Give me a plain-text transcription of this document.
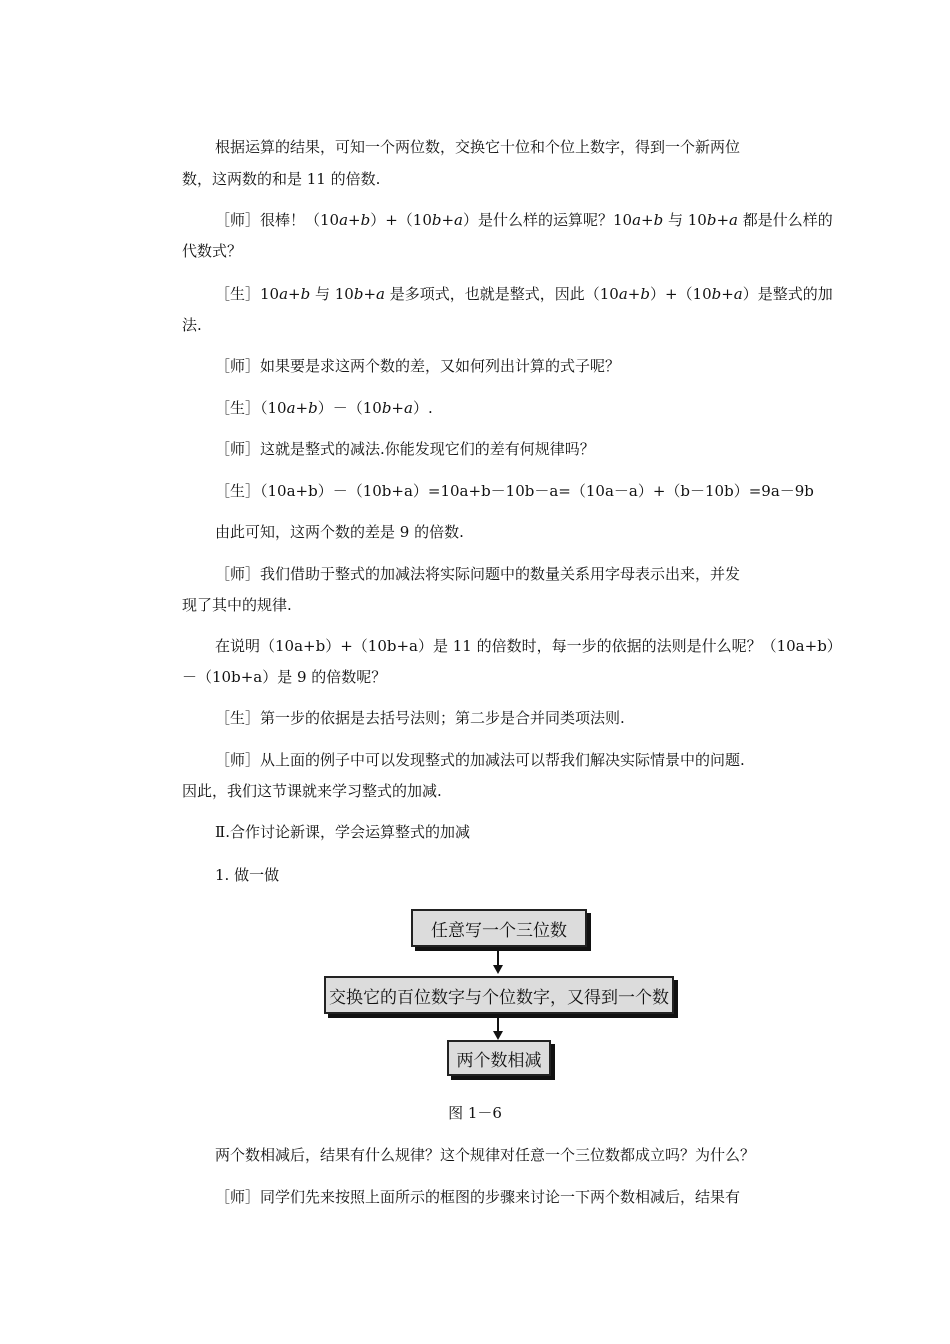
根据运算的结果，可知一个两位数，交换它十位和个位上数字，得到一个新两位

数，这两数的和是 11 的倍数.

［师］很棒！（10a+b）+（10b+a）是什么样的运算呢？10a+b 与 10b+a 都是什么样的

代数式？

［生］10a+b 与 10b+a 是多项式，也就是整式，因此（10a+b）+（10b+a）是整式的加

法.

［师］如果要是求这两个数的差，又如何列出计算的式子呢？

［生］（10a+b）－（10b+a）.

［师］这就是整式的减法.你能发现它们的差有何规律吗？

［生］（10a+b）－（10b+a）=10a+b－10b－a=（10a－a）+（b－10b）=9a－9b

由此可知，这两个数的差是 9 的倍数.

［师］我们借助于整式的加减法将实际问题中的数量关系用字母表示出来，并发

现了其中的规律.

在说明（10a+b）+（10b+a）是 11 的倍数时，每一步的依据的法则是什么呢？（10a+b）

－（10b+a）是 9 的倍数呢？

［生］第一步的依据是去括号法则；第二步是合并同类项法则.

［师］从上面的例子中可以发现整式的加减法可以帮我们解决实际情景中的问题.

因此，我们这节课就来学习整式的加减.

Ⅱ.合作讨论新课，学会运算整式的加减

1. 做一做

任意写一个三位数
交换它的百位数字与个位数字，又得到一个数
两个数相减
图 1－6

两个数相减后，结果有什么规律？这个规律对任意一个三位数都成立吗？为什么？

［师］同学们先来按照上面所示的框图的步骤来讨论一下两个数相减后，结果有
